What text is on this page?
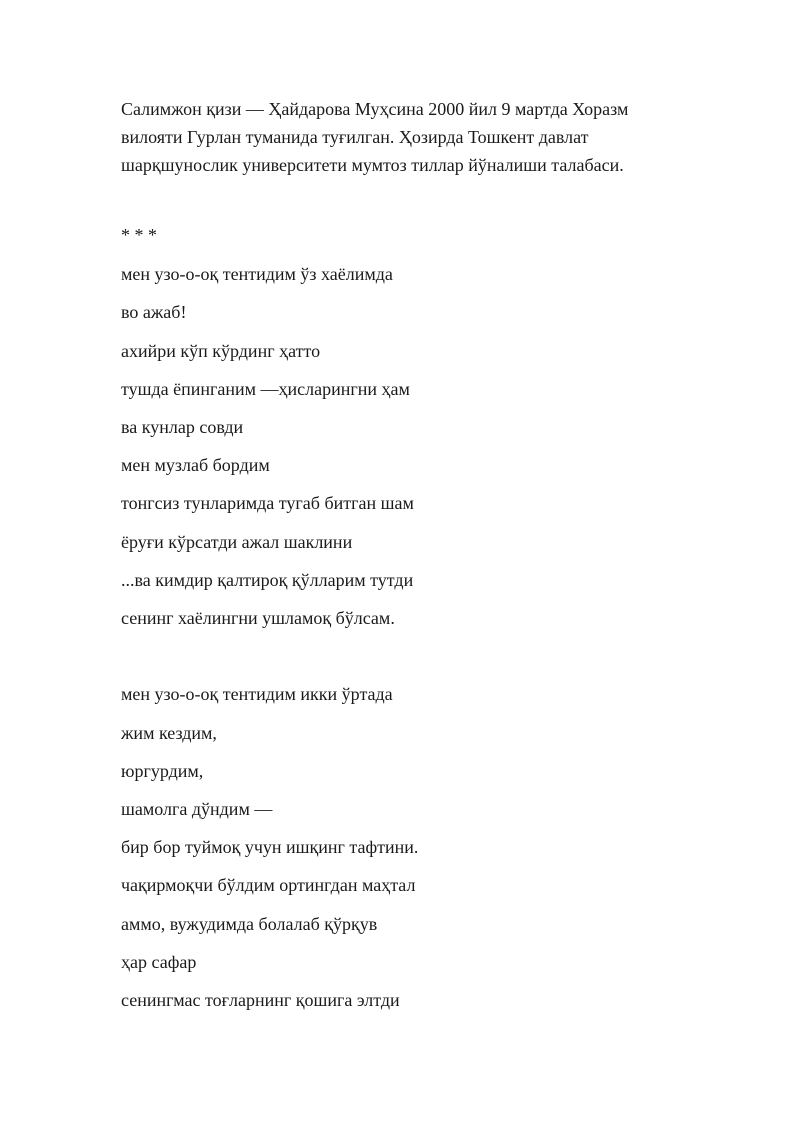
Салимжон қизи — Ҳайдарова Муҳсина 2000 йил 9 мартда Хоразм вилояти Гурлан туманида туғилган. Ҳозирда Тошкент давлат шарқшунослик университети мумтоз тиллар йўналиши талабаси.

* * *

мен узо-о-оқ тентидим ўз хаёлимда

во ажаб!

ахийри кўп кўрдинг ҳатто

тушда ёпинганим —ҳисларингни ҳам

ва кунлар совди

мен музлаб бордим

тонгсиз тунларимда тугаб битган шам

ёруғи кўрсатди ажал шаклини

...ва кимдир қалтироқ қўлларим тутди

сенинг хаёлингни ушламоқ бўлсам.

мен узо-о-оқ тентидим икки ўртада

жим кездим,

юргурдим,

шамолга дўндим —

бир бор туймоқ учун ишқинг тафтини.

чақирмоқчи бўлдим ортингдан маҳтал

аммо, вужудимда болалаб қўрқув

ҳар сафар

сенингмас тоғларнинг қошига элтди
